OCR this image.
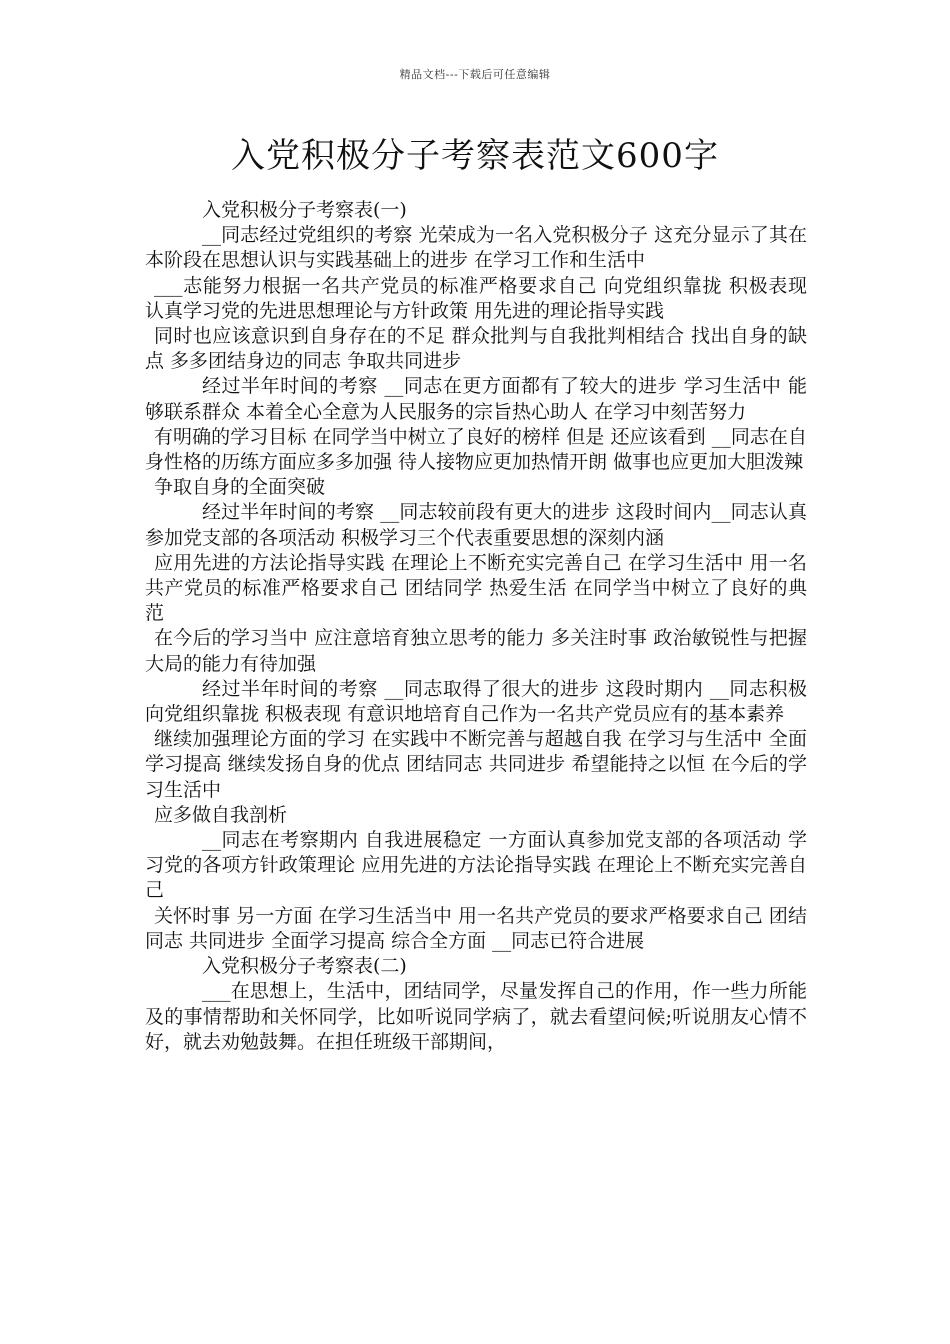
精品文档---下载后可任意编辑
入党积极分子考察表范文600字

入党积极分子考察表(一)

__同志经过党组织的考察 光荣成为一名入党积极分子 这充分显示了其在本阶段在思想认识与实践基础上的进步 在学习工作和生活中

___志能努力根据一名共产党员的标准严格要求自己 向党组织靠拢 积极表现 认真学习党的先进思想理论与方针政策 用先进的理论指导实践

同时也应该意识到自身存在的不足 群众批判与自我批判相结合 找出自身的缺点 多多团结身边的同志 争取共同进步

经过半年时间的考察 __同志在更方面都有了较大的进步 学习生活中 能够联系群众 本着全心全意为人民服务的宗旨热心助人 在学习中刻苦努力

有明确的学习目标 在同学当中树立了良好的榜样 但是 还应该看到 __同志在自身性格的历练方面应多多加强 待人接物应更加热情开朗 做事也应更加大胆泼辣

争取自身的全面突破

经过半年时间的考察 __同志较前段有更大的进步 这段时间内__同志认真参加党支部的各项活动 积极学习三个代表重要思想的深刻内涵

应用先进的方法论指导实践 在理论上不断充实完善自己 在学习生活中 用一名共产党员的标准严格要求自己 团结同学 热爱生活 在同学当中树立了良好的典范

在今后的学习当中 应注意培育独立思考的能力 多关注时事 政治敏锐性与把握大局的能力有待加强

经过半年时间的考察 __同志取得了很大的进步 这段时期内 __同志积极向党组织靠拢 积极表现 有意识地培育自己作为一名共产党员应有的基本素养

继续加强理论方面的学习 在实践中不断完善与超越自我 在学习与生活中 全面学习提高 继续发扬自身的优点 团结同志 共同进步 希望能持之以恒 在今后的学习生活中

应多做自我剖析

__同志在考察期内 自我进展稳定 一方面认真参加党支部的各项活动 学习党的各项方针政策理论 应用先进的方法论指导实践 在理论上不断充实完善自己

关怀时事 另一方面 在学习生活当中 用一名共产党员的要求严格要求自己 团结同志 共同进步 全面学习提高 综合全方面 __同志已符合进展

入党积极分子考察表(二)

___在思想上，生活中，团结同学，尽量发挥自己的作用，作一些力所能及的事情帮助和关怀同学，比如听说同学病了，就去看望问候;听说朋友心情不好，就去劝勉鼓舞。在担任班级干部期间，
